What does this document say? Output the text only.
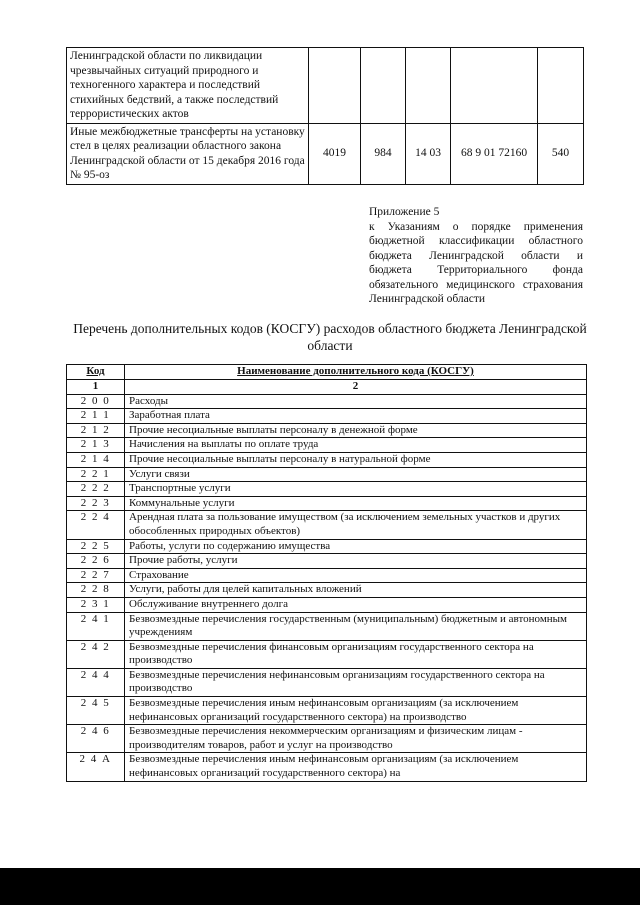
Ленинградской области по ликвидации чрезвычайных ситуаций природного и техногенного характера и последствий стихийных бедствий, а также последствий террористических актов					
Иные межбюджетные трансферты на установку стел в целях реализации областного закона Ленинградской области от 15 декабря 2016 года № 95-оз	4019	984	14 03	68 9 01 72160	540
Приложение 5
к Указаниям о порядке применения бюджетной классификации областного бюджета Ленинградской области и бюджета Территориального фонда обязательного медицинского страхования Ленинградской области
Перечень дополнительных кодов (КОСГУ) расходов областного бюджета Ленинградской области
Код	Наименование дополнительного кода (КОСГУ)
1	2
2 0 0	Расходы
2 1 1	Заработная плата
2 1 2	Прочие несоциальные выплаты персоналу в денежной форме
2 1 3	Начисления на выплаты по оплате труда
2 1 4	Прочие несоциальные выплаты персоналу в натуральной форме
2 2 1	Услуги связи
2 2 2	Транспортные услуги
2 2 3	Коммунальные услуги
2 2 4	Арендная плата за пользование имуществом (за исключением земельных участков и других обособленных природных объектов)
2 2 5	Работы, услуги по содержанию имущества
2 2 6	Прочие работы, услуги
2 2 7	Страхование
2 2 8	Услуги, работы для целей капитальных вложений
2 3 1	Обслуживание внутреннего долга
2 4 1	Безвозмездные перечисления государственным (муниципальным) бюджетным и автономным учреждениям
2 4 2	Безвозмездные перечисления финансовым организациям государственного сектора на производство
2 4 4	Безвозмездные перечисления нефинансовым организациям государственного сектора на производство
2 4 5	Безвозмездные перечисления иным нефинансовым организациям (за исключением нефинансовых организаций государственного сектора) на производство
2 4 6	Безвозмездные перечисления некоммерческим организациям и физическим лицам - производителям товаров, работ и услуг на производство
2 4 А	Безвозмездные перечисления иным нефинансовым организациям (за исключением нефинансовых организаций государственного сектора) на
